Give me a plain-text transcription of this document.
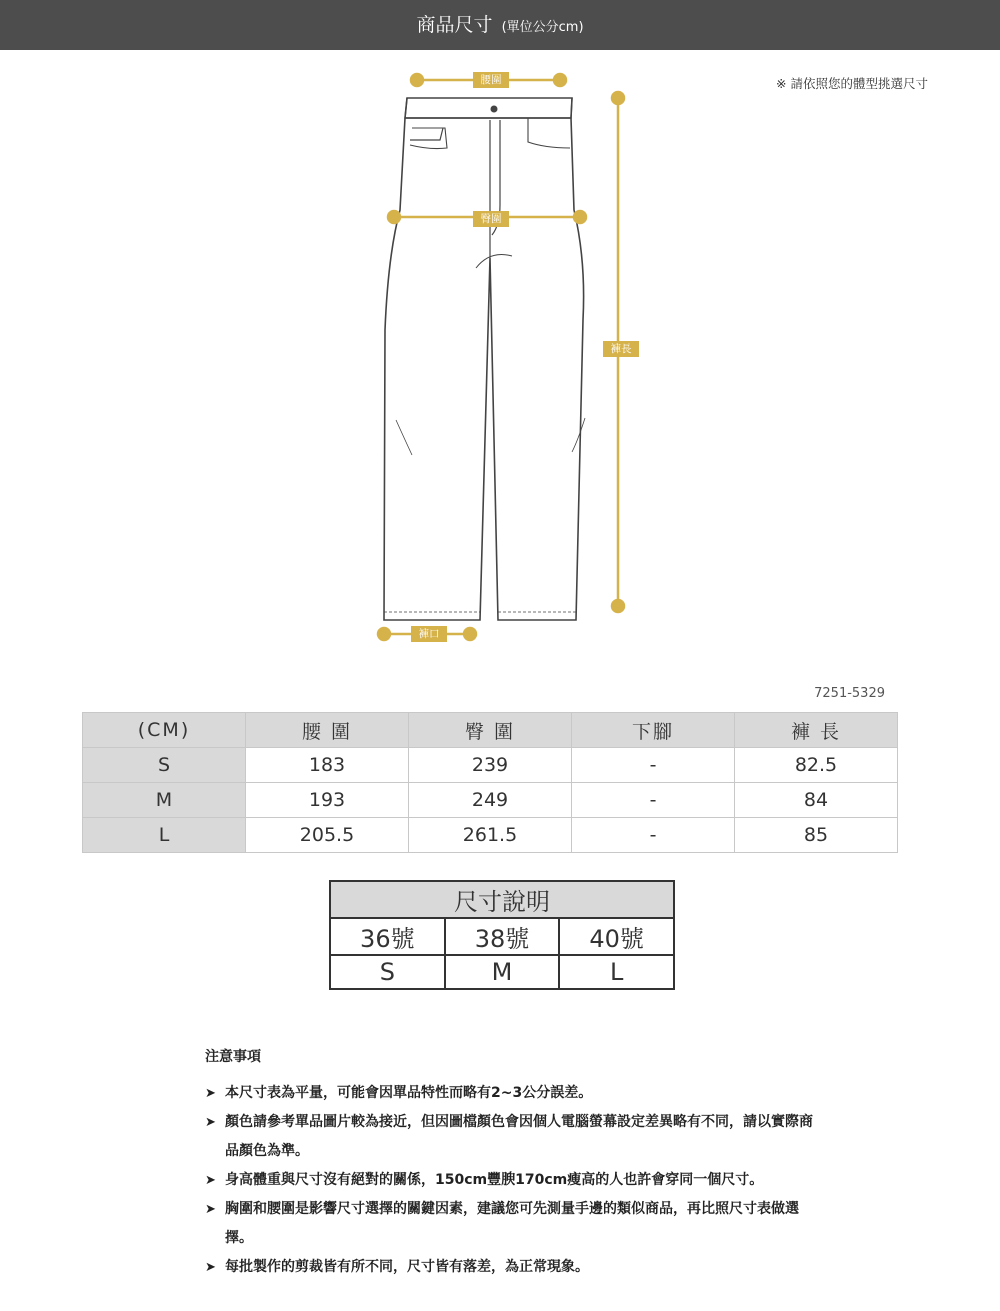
商品尺寸 (單位公分cm)
※ 請依照您的體型挑選尺寸
腰圍
臀圍
褲長
褲口
7251-5329
(CM)	腰 圍	臀 圍	下腳	褲 長
S	183	239	-	82.5
M	193	249	-	84
L	205.5	261.5	-	85
尺寸說明		
36號	38號	40號
S	M	L
注意事項
➤ 本尺寸表為平量，可能會因單品特性而略有2~3公分誤差。
➤ 顏色請參考單品圖片較為接近，但因圖檔顏色會因個人電腦螢幕設定差異略有不同，請以實際商品顏色為準。
➤ 身高體重與尺寸沒有絕對的關係，150cm豐腴170cm瘦高的人也許會穿同一個尺寸。
➤ 胸圍和腰圍是影響尺寸選擇的關鍵因素，建議您可先測量手邊的類似商品，再比照尺寸表做選擇。
➤ 每批製作的剪裁皆有所不同，尺寸皆有落差，為正常現象。
